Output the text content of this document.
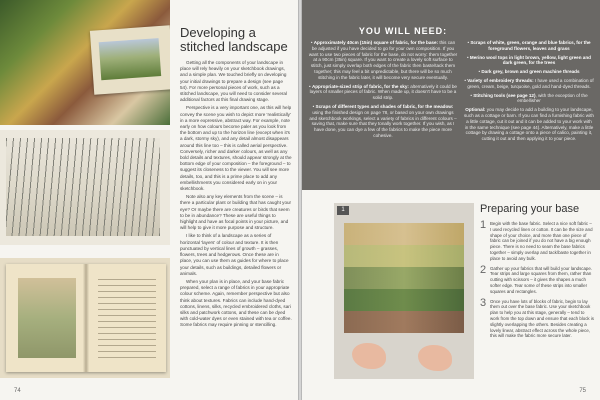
Developing a stitched landscape

Getting all the components of your landscape in place will rely heavily on your sketchbook drawings, and a simple plan. We touched briefly on developing your initial drawings to prepare a design (see page 54). For more personal pieces of work, such as a stitched landscape, you will need to consider several additional factors at this final drawing stage.

Perspective is a very important one, as this will help convey the scene you wish to depict more 'realistically' in a more expressive, abstract way. For example, note early on how colours become paler as you look from the bottom and up to the horizon line (except when it's a dark, stormy sky), and any detail almost disappears around this line too – this is called aerial perspective. Conversely, richer and darker colours, as well as any bold details and textures, should appear strongly at the bottom edge of your composition – the foreground – to suggest its closeness to the viewer. You will see more details, too, and this is a prime place to add any embellishments you considered early on in your sketchbook.

Note also any key elements from the scene – is there a particular plant or building that has caught your eye? Or maybe there are creatures or birds that seem to be in abundance? These are useful things to highlight and have as focal points in your picture, and will help to give it more purpose and structure.

I like to think of a landscape as a series of horizontal 'layers' of colour and texture. It is then punctuated by vertical lines of growth – grasses, flowers, trees and hedgerows. Once these are in place, you can use them as guides for where to place your details, such as buildings, detailed flowers or animals.

When your plan is in place, and your base fabric prepared, select a range of fabrics in your appropriate colour scheme. Again, remember perspective but also think about textures. Fabrics can include hand-dyed cottons, linens, silks, recycled embroidered cloths, sari silks and patchwork cottons, and these can be dyed with cold-water dyes or even stained with tea or coffee. Some fabrics may require pinning or stencilling.

74
YOU WILL NEED:

• Approximately 40cm (15in) square of fabric, for the base: this can be adjusted if you have decided to go for your own composition. If you want to use two pieces of fabric for the base, do not worry: them together at a 90cm (35in) square. If you want to create a lovely soft surface to stitch, just simply overlap both edges of the fabric then baste/tack them together; this may feel a bit unpredictable, but there will be so much stitching in the fabric later, it will become very secure eventually.

• Appropriate-sized strip of fabric, for the sky: alternatively it could be layers of smaller pieces of fabric. When made up, it doesn't have to be a solid strip.

• Scraps of different types and shades of fabric, for the meadow: using the finished design on page 78, or based on your own drawings and sketchbook workings, select a variety of fabrics in different colours – saving that, make sure that they tonally work together. If you wish, as I have done, you can dye a few of the fabrics to make the piece more cohesive.

• Scraps of white, green, orange and blue fabrics, for the foreground flowers, leaves and grass

• Merino wool tops in light brown, yellow, light green and dark green, for the trees

• Dark grey, brown and green machine threads

• Variety of embroidery threads: I have used a combination of green, cream, beige, turquoise, gold and hand-dyed threads.

• Stitching tools (see page 12), with the exception of the embellisher

Optional: you may decide to add a building to your landscape, such as a cottage or barn. If you can find a furnishing fabric with a little cottage, cut it out and it can be added to your work with in the same technique (see page 44). Alternatively, make a little cottage by drawing a cottage onto a piece of calico, painting it, cutting it out and then applying it to your piece.

1	Preparing your base

1 Begin with the base fabric. Select a nice soft fabric – I used recycled linen or cotton. It can be the size and shape of your choice, and more than one piece of fabric can be joined if you do not have a big enough piece. There is no need to seam the base fabrics together – simply overlap and tack/baste together in place to avoid any bulk.

2 Gather up your fabrics that will build your landscape. Tear strips and large squares from them, rather than cutting with scissors – it gives the shapes a much softer edge. Tear some of these strips into smaller squares and rectangles.

3 Once you have lots of blocks of fabric, begin to lay them out over the base fabric. Use your sketchbook plan to help you at this stage, generally – tend to work from the top down and ensure that each block is slightly overlapping the others. Besides creating a lovely linear, abstract effect across the whole piece, this will make the fabric more secure later.

75
